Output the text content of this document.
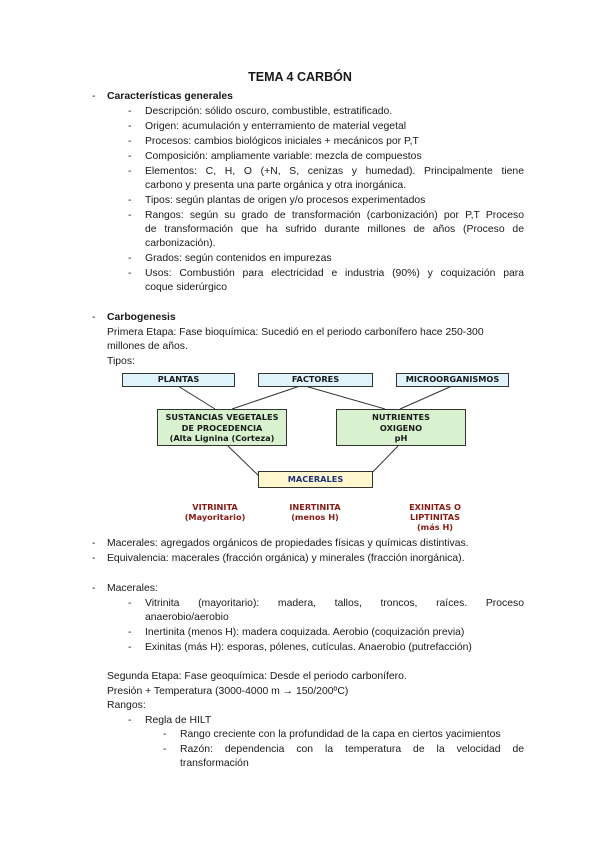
TEMA 4 CARBÓN
- Características generales
- Descripción: sólido oscuro, combustible, estratificado.
- Origen: acumulación y enterramiento de material vegetal
- Procesos: cambios biológicos iniciales + mecánicos por P,T
- Composición: ampliamente variable: mezcla de compuestos
- Elementos: C, H, O (+N, S, cenizas y humedad). Principalmente tiene
carbono y presenta una parte orgánica y otra inorgánica.
- Tipos: según plantas de origen y/o procesos experimentados
- Rangos: según su grado de transformación (carbonización) por P,T Proceso
de transformación que ha sufrido durante millones de años (Proceso de
carbonización).
- Grados: según contenidos en impurezas
- Usos: Combustión para electricidad e industria (90%) y coquización para
coque siderúrgico
- Carbogenesis
Primera Etapa: Fase bioquímica: Sucedió en el periodo carbonífero hace 250-300
millones de años.
Tipos:
PLANTAS	FACTORES	MICROORGANISMOS
SUSTANCIAS VEGETALES
DE PROCEDENCIA
(Alta Lignina (Corteza)
NUTRIENTES
OXIGENO
pH
MACERALES
VITRINITA
(Mayoritario)
INERTINITA
(menos H)
EXINITAS O
LIPTINITAS
(más H)
- Macerales: agregados orgánicos de propiedades físicas y químicas distintivas.
- Equivalencia: macerales (fracción orgánica) y minerales (fracción inorgánica).
- Macerales:
- Vitrinita (mayoritario): madera, tallos, troncos, raíces. Proceso
anaerobio/aerobio
- Inertinita (menos H): madera coquizada. Aerobio (coquización previa)
- Exinitas (más H): esporas, pólenes, cutículas. Anaerobio (putrefacción)
Segunda Etapa: Fase geoquímica: Desde el periodo carbonífero.
Presión + Temperatura (3000-4000 m → 150/200ºC)
Rangos:
- Regla de HILT
- Rango creciente con la profundidad de la capa en ciertos yacimientos
- Razón: dependencia con la temperatura de la velocidad de
transformación
